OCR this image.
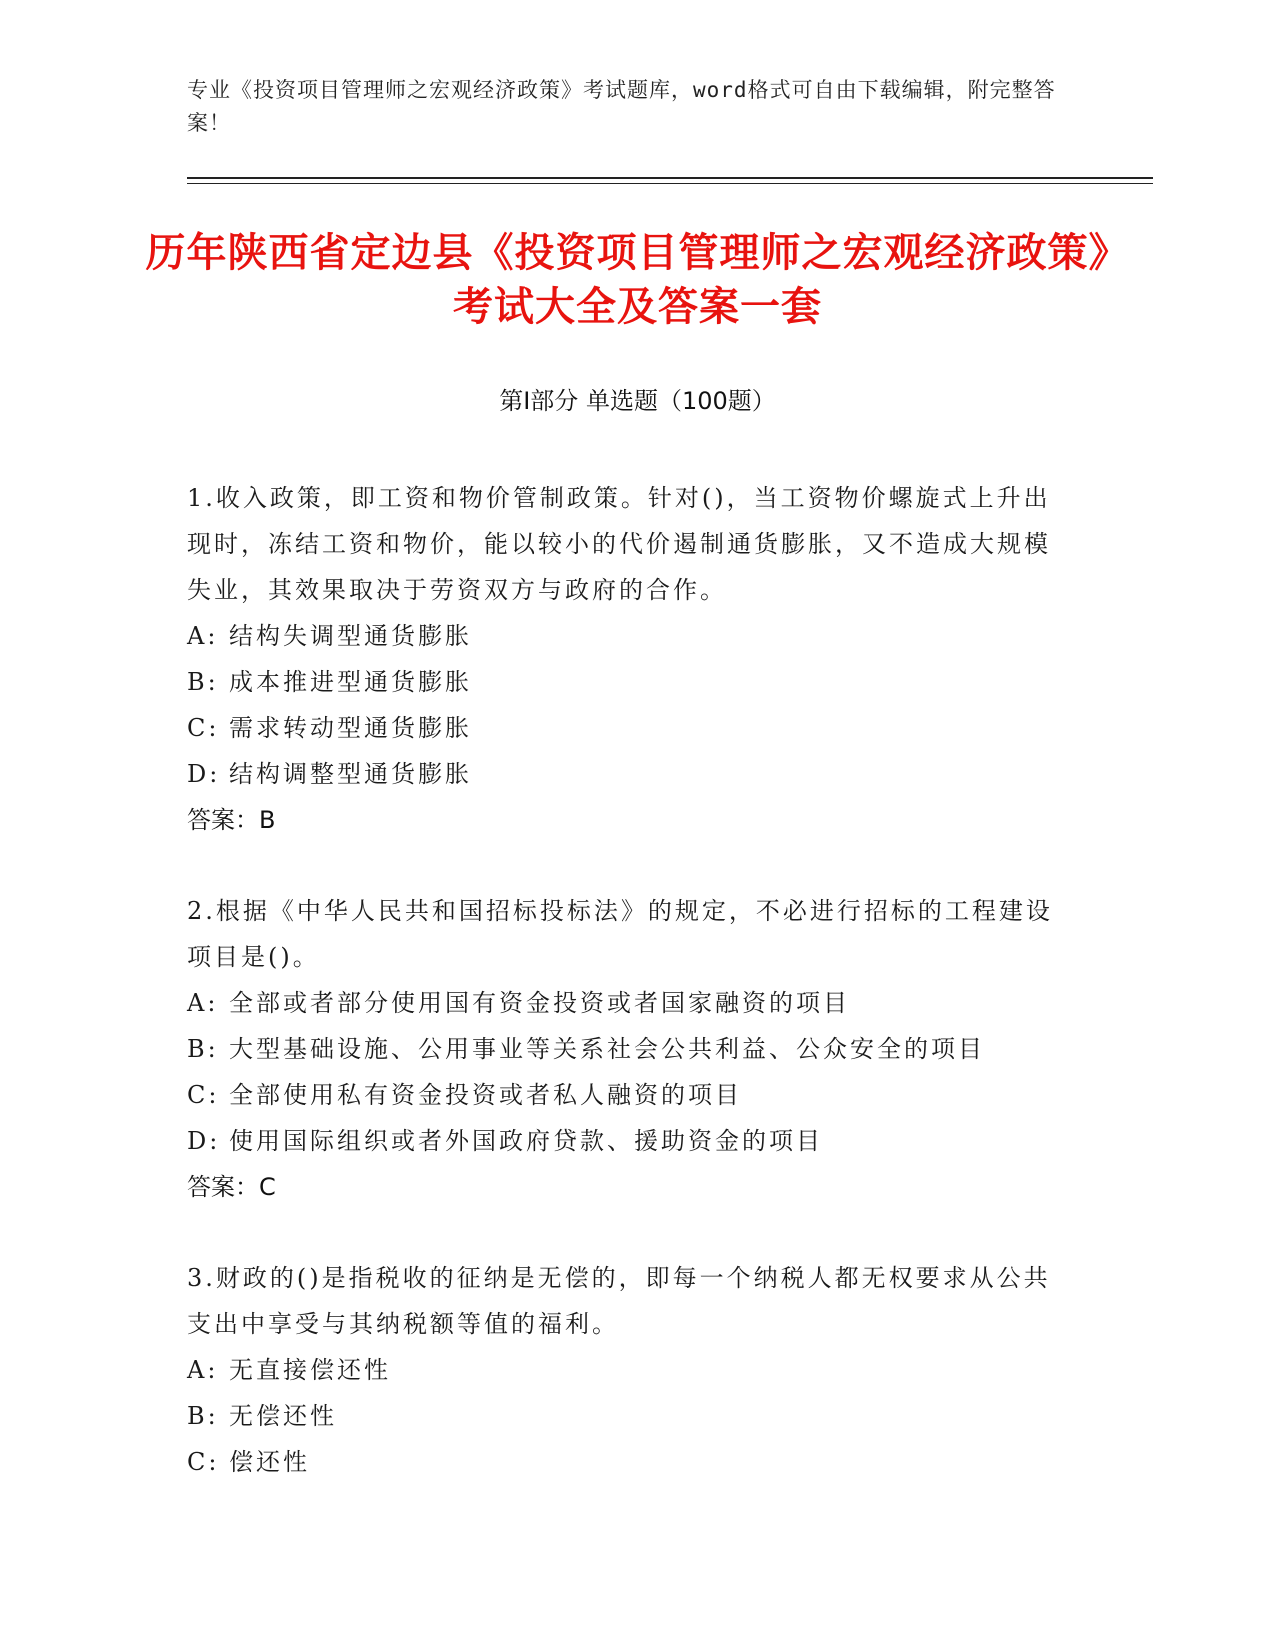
专业《投资项目管理师之宏观经济政策》考试题库，word格式可自由下载编辑，附完整答案！
历年陕西省定边县《投资项目管理师之宏观经济政策》考试大全及答案一套
第Ⅰ部分 单选题（100题）
1.收入政策，即工资和物价管制政策。针对()，当工资物价螺旋式上升出现时，冻结工资和物价，能以较小的代价遏制通货膨胀，又不造成大规模失业，其效果取决于劳资双方与政府的合作。
A: 结构失调型通货膨胀
B: 成本推进型通货膨胀
C: 需求转动型通货膨胀
D: 结构调整型通货膨胀
答案：B
2.根据《中华人民共和国招标投标法》的规定，不必进行招标的工程建设项目是()。
A: 全部或者部分使用国有资金投资或者国家融资的项目
B: 大型基础设施、公用事业等关系社会公共利益、公众安全的项目
C: 全部使用私有资金投资或者私人融资的项目
D: 使用国际组织或者外国政府贷款、援助资金的项目
答案：C
3.财政的()是指税收的征纳是无偿的，即每一个纳税人都无权要求从公共支出中享受与其纳税额等值的福利。
A: 无直接偿还性
B: 无偿还性
C: 偿还性
